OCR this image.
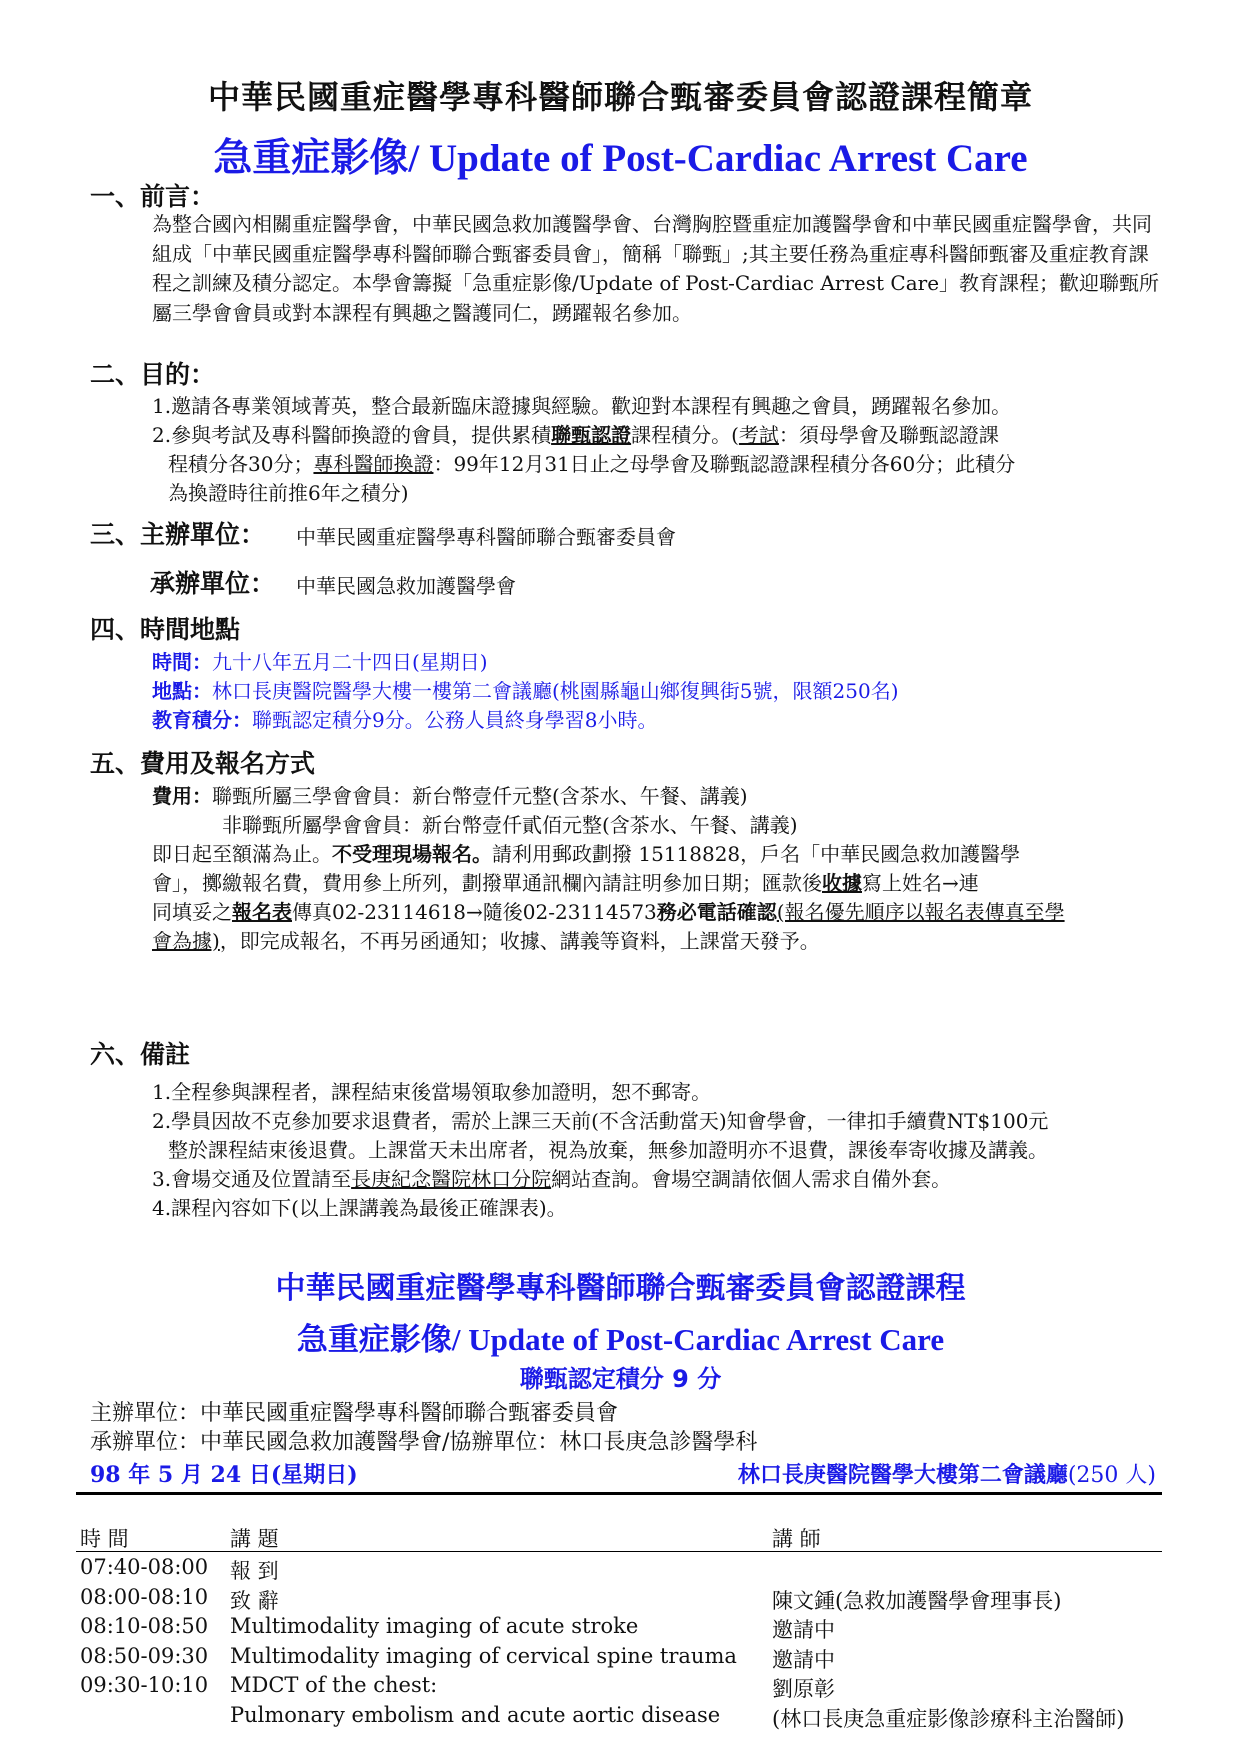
中華民國重症醫學專科醫師聯合甄審委員會認證課程簡章
急重症影像/ Update of Post-Cardiac Arrest Care
一、前言：
為整合國內相關重症醫學會，中華民國急救加護醫學會、台灣胸腔暨重症加護醫學會和中華民國重症醫學會，共同組成「中華民國重症醫學專科醫師聯合甄審委員會」，簡稱「聯甄」;其主要任務為重症專科醫師甄審及重症教育課程之訓練及積分認定。本學會籌擬「急重症影像/Update of Post-Cardiac Arrest Care」教育課程；歡迎聯甄所屬三學會會員或對本課程有興趣之醫護同仁，踴躍報名參加。
二、目的：
1.邀請各專業領域菁英，整合最新臨床證據與經驗。歡迎對本課程有興趣之會員，踴躍報名參加。
2.參與考試及專科醫師換證的會員，提供累積聯甄認證課程積分。(考試：須母學會及聯甄認證課
程積分各30分；專科醫師換證：99年12月31日止之母學會及聯甄認證課程積分各60分；此積分
為換證時往前推6年之積分)
三、主辦單位： 中華民國重症醫學專科醫師聯合甄審委員會
承辦單位： 中華民國急救加護醫學會
四、時間地點
時間：九十八年五月二十四日(星期日)
地點：林口長庚醫院醫學大樓一樓第二會議廳(桃園縣龜山鄉復興街5號，限額250名)
教育積分：聯甄認定積分9分。公務人員終身學習8小時。
五、費用及報名方式
費用：聯甄所屬三學會會員：新台幣壹仟元整(含茶水、午餐、講義)
非聯甄所屬學會會員：新台幣壹仟貳佰元整(含茶水、午餐、講義)
即日起至額滿為止。不受理現場報名。請利用郵政劃撥 15118828，戶名「中華民國急救加護醫學
會」，擲繳報名費，費用參上所列，劃撥單通訊欄內請註明參加日期；匯款後收據寫上姓名→連
同填妥之報名表傳真02-23114618→隨後02-23114573務必電話確認(報名優先順序以報名表傳真至學
會為據)，即完成報名，不再另函通知；收據、講義等資料，上課當天發予。
六、備註
1.全程參與課程者，課程結束後當場領取參加證明，恕不郵寄。
2.學員因故不克參加要求退費者，需於上課三天前(不含活動當天)知會學會，一律扣手續費NT$100元
整於課程結束後退費。上課當天未出席者，視為放棄，無參加證明亦不退費，課後奉寄收據及講義。
3.會場交通及位置請至長庚紀念醫院林口分院網站查詢。會場空調請依個人需求自備外套。
4.課程內容如下(以上課講義為最後正確課表)。
中華民國重症醫學專科醫師聯合甄審委員會認證課程
急重症影像/ Update of Post-Cardiac Arrest Care
聯甄認定積分 9 分
主辦單位：中華民國重症醫學專科醫師聯合甄審委員會
承辦單位：中華民國急救加護醫學會/協辦單位：林口長庚急診醫學科
98 年 5 月 24 日(星期日)	林口長庚醫院醫學大樓第二會議廳(250 人)
時 間	講 題	講 師
07:40-08:00 報 到
08:00-08:10 致 辭	陳文鍾(急救加護醫學會理事長)
08:10-08:50 Multimodality imaging of acute stroke	邀請中
08:50-09:30 Multimodality imaging of cervical spine trauma 邀請中
09:30-10:10 MDCT of the chest:	劉原彰
Pulmonary embolism and acute aortic disease (林口長庚急重症影像診療科主治醫師)
